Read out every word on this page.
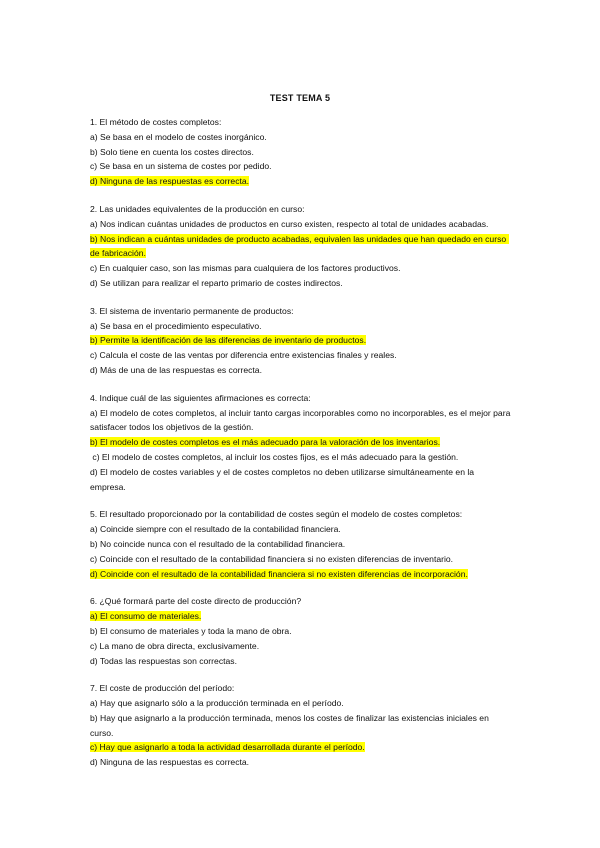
TEST TEMA 5
1. El método de costes completos:
a) Se basa en el modelo de costes inorgánico.
b) Solo tiene en cuenta los costes directos.
c) Se basa en un sistema de costes por pedido.
d) Ninguna de las respuestas es correcta.
2. Las unidades equivalentes de la producción en curso:
a) Nos indican cuántas unidades de productos en curso existen, respecto al total de unidades acabadas.
b) Nos indican a cuántas unidades de producto acabadas, equivalen las unidades que han quedado en curso de fabricación.
c) En cualquier caso, son las mismas para cualquiera de los factores productivos.
d) Se utilizan para realizar el reparto primario de costes indirectos.
3. El sistema de inventario permanente de productos:
a) Se basa en el procedimiento especulativo.
b) Permite la identificación de las diferencias de inventario de productos.
c) Calcula el coste de las ventas por diferencia entre existencias finales y reales.
d) Más de una de las respuestas es correcta.
4. Indique cuál de las siguientes afirmaciones es correcta:
a) El modelo de cotes completos, al incluir tanto cargas incorporables como no incorporables, es el mejor para satisfacer todos los objetivos de la gestión.
b) El modelo de costes completos es el más adecuado para la valoración de los inventarios.
c) El modelo de costes completos, al incluir los costes fijos, es el más adecuado para la gestión.
d) El modelo de costes variables y el de costes completos no deben utilizarse simultáneamente en la empresa.
5. El resultado proporcionado por la contabilidad de costes según el modelo de costes completos:
a) Coincide siempre con el resultado de la contabilidad financiera.
b) No coincide nunca con el resultado de la contabilidad financiera.
c) Coincide con el resultado de la contabilidad financiera si no existen diferencias de inventario.
d) Coincide con el resultado de la contabilidad financiera si no existen diferencias de incorporación.
6. ¿Qué formará parte del coste directo de producción?
a) El consumo de materiales.
b) El consumo de materiales y toda la mano de obra.
c) La mano de obra directa, exclusivamente.
d) Todas las respuestas son correctas.
7. El coste de producción del período:
a) Hay que asignarlo sólo a la producción terminada en el período.
b) Hay que asignarlo a la producción terminada, menos los costes de finalizar las existencias iniciales en curso.
c) Hay que asignarlo a toda la actividad desarrollada durante el período.
d) Ninguna de las respuestas es correcta.
